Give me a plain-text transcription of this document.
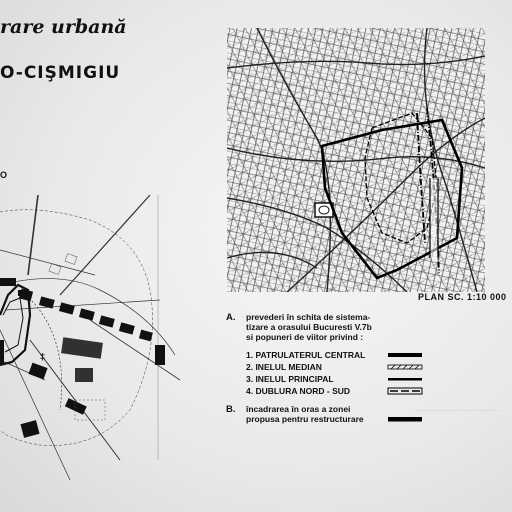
rare urbană
O-CIŞMIGIU
O
‡
PLAN SC. 1:10 000
A. prevederi în schita de sistema-
tizare a orasului Bucuresti V.7b
si popuneri de viitor privind :
1. PATRULATERUL CENTRAL
2. INELUL MEDIAN
3. INELUL PRINCIPAL
4. DUBLURA NORD - SUD
B. încadrarea în oras a zonei
propusa pentru restructurare
